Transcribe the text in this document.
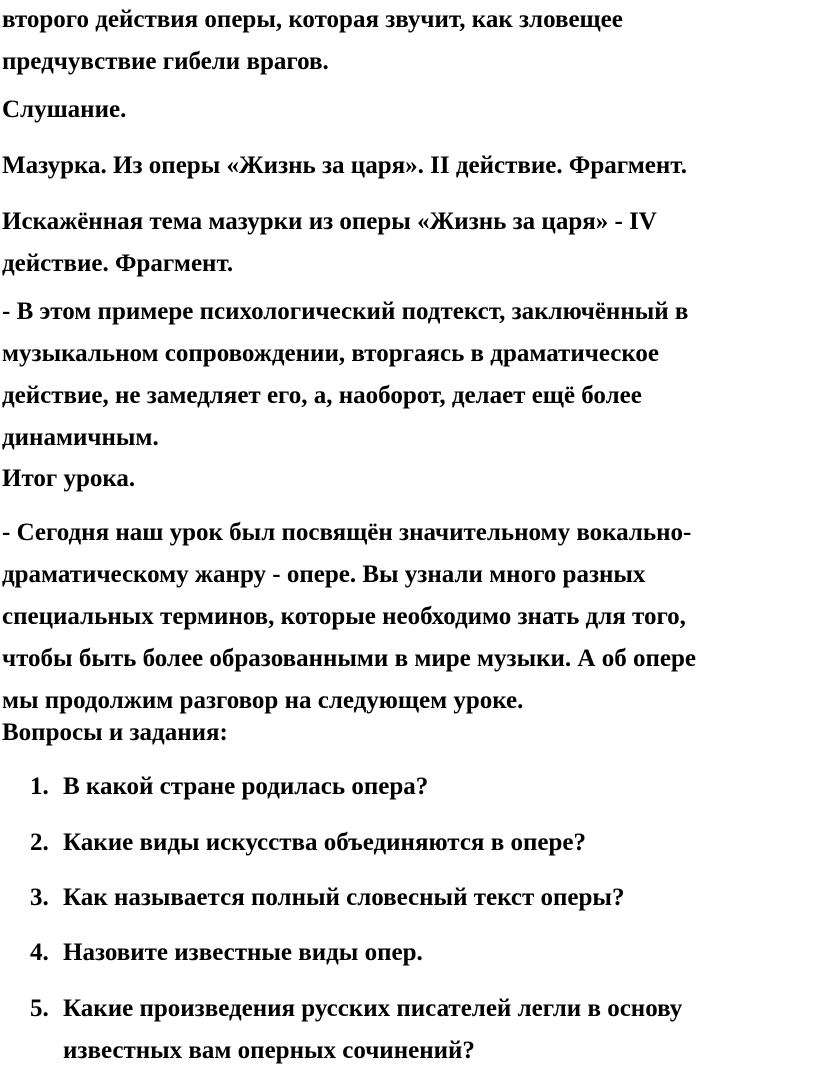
второго действия оперы, которая звучит, как зловещее
предчувствие гибели врагов.

Слушание.

Мазурка. Из оперы «Жизнь за царя». II действие. Фрагмент.

Искажённая тема мазурки из оперы «Жизнь за царя» - IV
действие. Фрагмент.

- В этом примере психологический подтекст, заключённый в
музыкальном сопровождении, вторгаясь в драматическое
действие, не замедляет его, а, наоборот, делает ещё более
динамичным.

Итог урока.

- Сегодня наш урок был посвящён значительному вокально-
драматическому жанру - опере. Вы узнали много разных
специальных терминов, которые необходимо знать для того,
чтобы быть более образованными в мире музыки. А об опере
мы продолжим разговор на следующем уроке.

Вопросы и задания:

1. В какой стране родилась опера?
2. Какие виды искусства объединяются в опере?
3. Как называется полный словесный текст оперы?
4. Назовите известные виды опер.
5. Какие произведения русских писателей легли в основу
известных вам оперных сочинений?
